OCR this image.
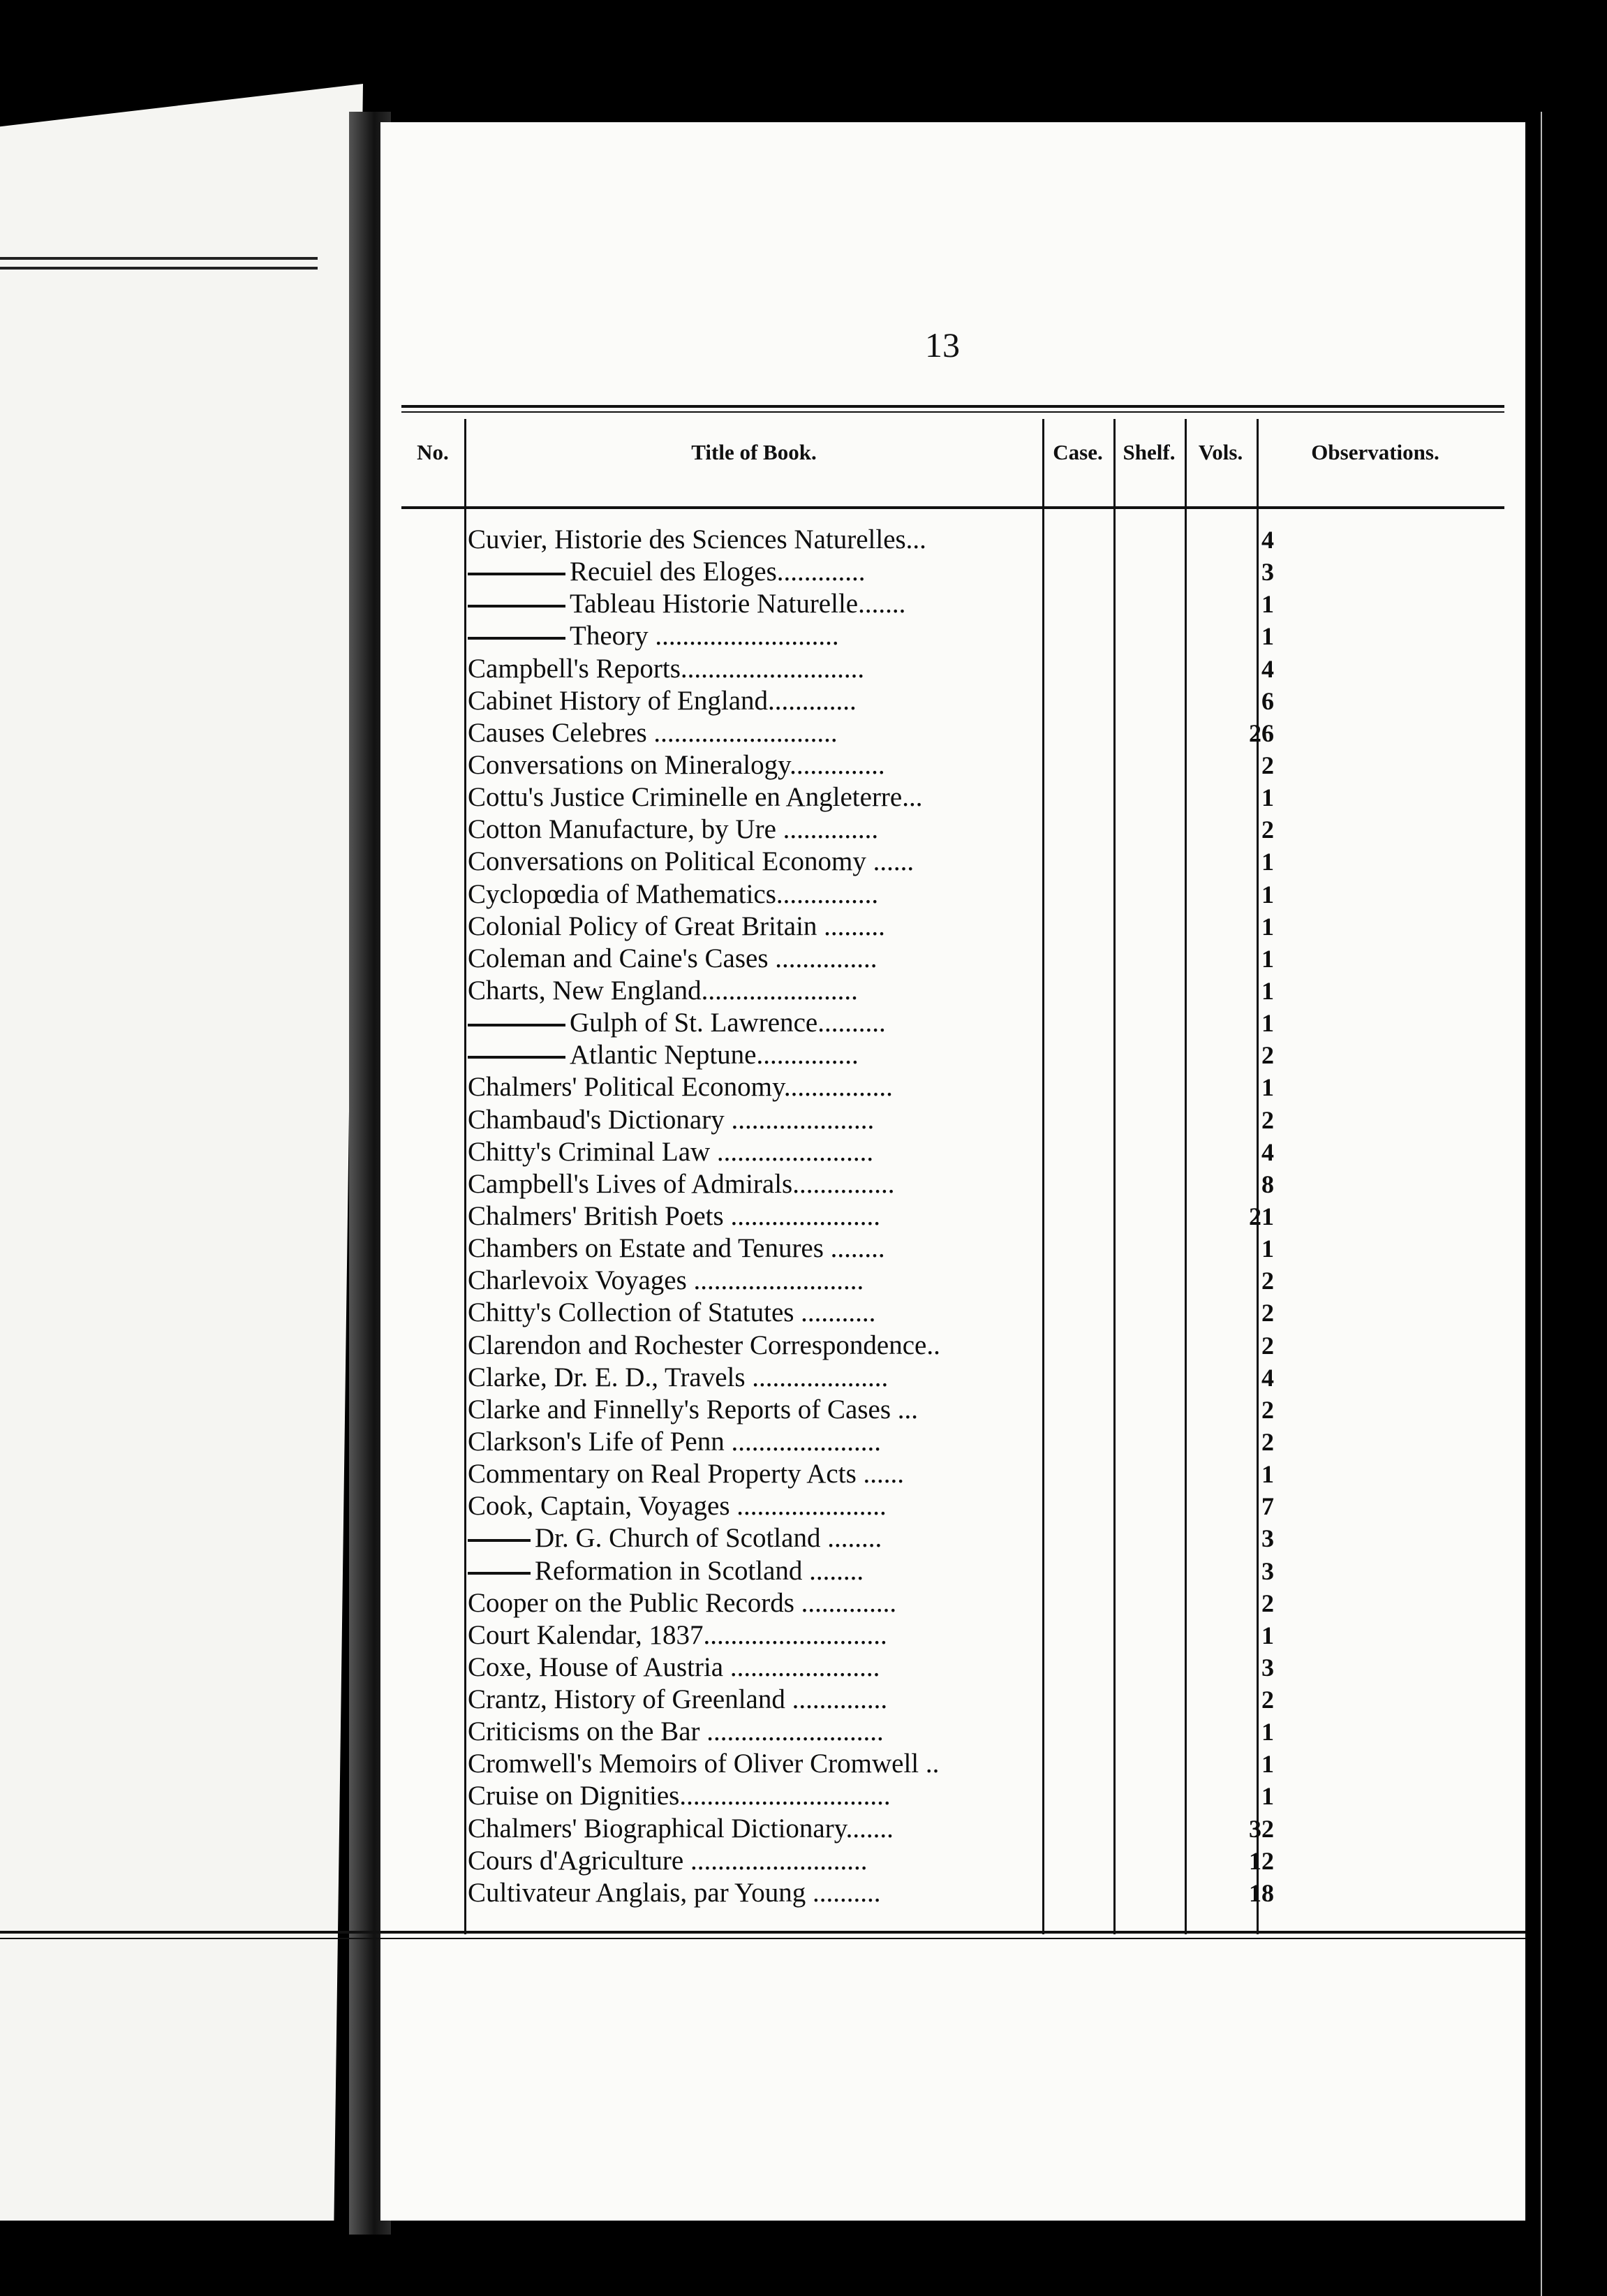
13
No.	Title of Book.	Case. Shelf.	Vols.	Observations.
Cuvier, Historie des Sciences Naturelles...	4
Recuiel des Eloges.............	3
Tableau Historie Naturelle.......	1
Theory ...........................	1
Campbell's Reports...........................	4
Cabinet History of England.............	6
Causes Celebres ...........................	26
Conversations on Mineralogy..............	2
Cottu's Justice Criminelle en Angleterre...	1
Cotton Manufacture, by Ure ..............	2
Conversations on Political Economy ......	1
Cyclopœdia of Mathematics...............	1
Colonial Policy of Great Britain .........	1
Coleman and Caine's Cases ...............	1
Charts, New England.......................	1
Gulph of St. Lawrence..........	1
Atlantic Neptune...............	2
Chalmers' Political Economy................	1
Chambaud's Dictionary .....................	2
Chitty's Criminal Law .......................	4
Campbell's Lives of Admirals...............	8
Chalmers' British Poets ......................	21
Chambers on Estate and Tenures ........	1
Charlevoix Voyages .........................	2
Chitty's Collection of Statutes ...........	2
Clarendon and Rochester Correspondence..	2
Clarke, Dr. E. D., Travels ....................	4
Clarke and Finnelly's Reports of Cases ...	2
Clarkson's Life of Penn ......................	2
Commentary on Real Property Acts ......	1
Cook, Captain, Voyages ......................	7
Dr. G. Church of Scotland ........	3
Reformation in Scotland ........	3
Cooper on the Public Records ..............	2
Court Kalendar, 1837...........................	1
Coxe, House of Austria ......................	3
Crantz, History of Greenland ..............	2
Criticisms on the Bar ..........................	1
Cromwell's Memoirs of Oliver Cromwell ..	1
Cruise on Dignities...............................	1
Chalmers' Biographical Dictionary.......	32
Cours d'Agriculture ..........................	12
Cultivateur Anglais, par Young ..........	18
